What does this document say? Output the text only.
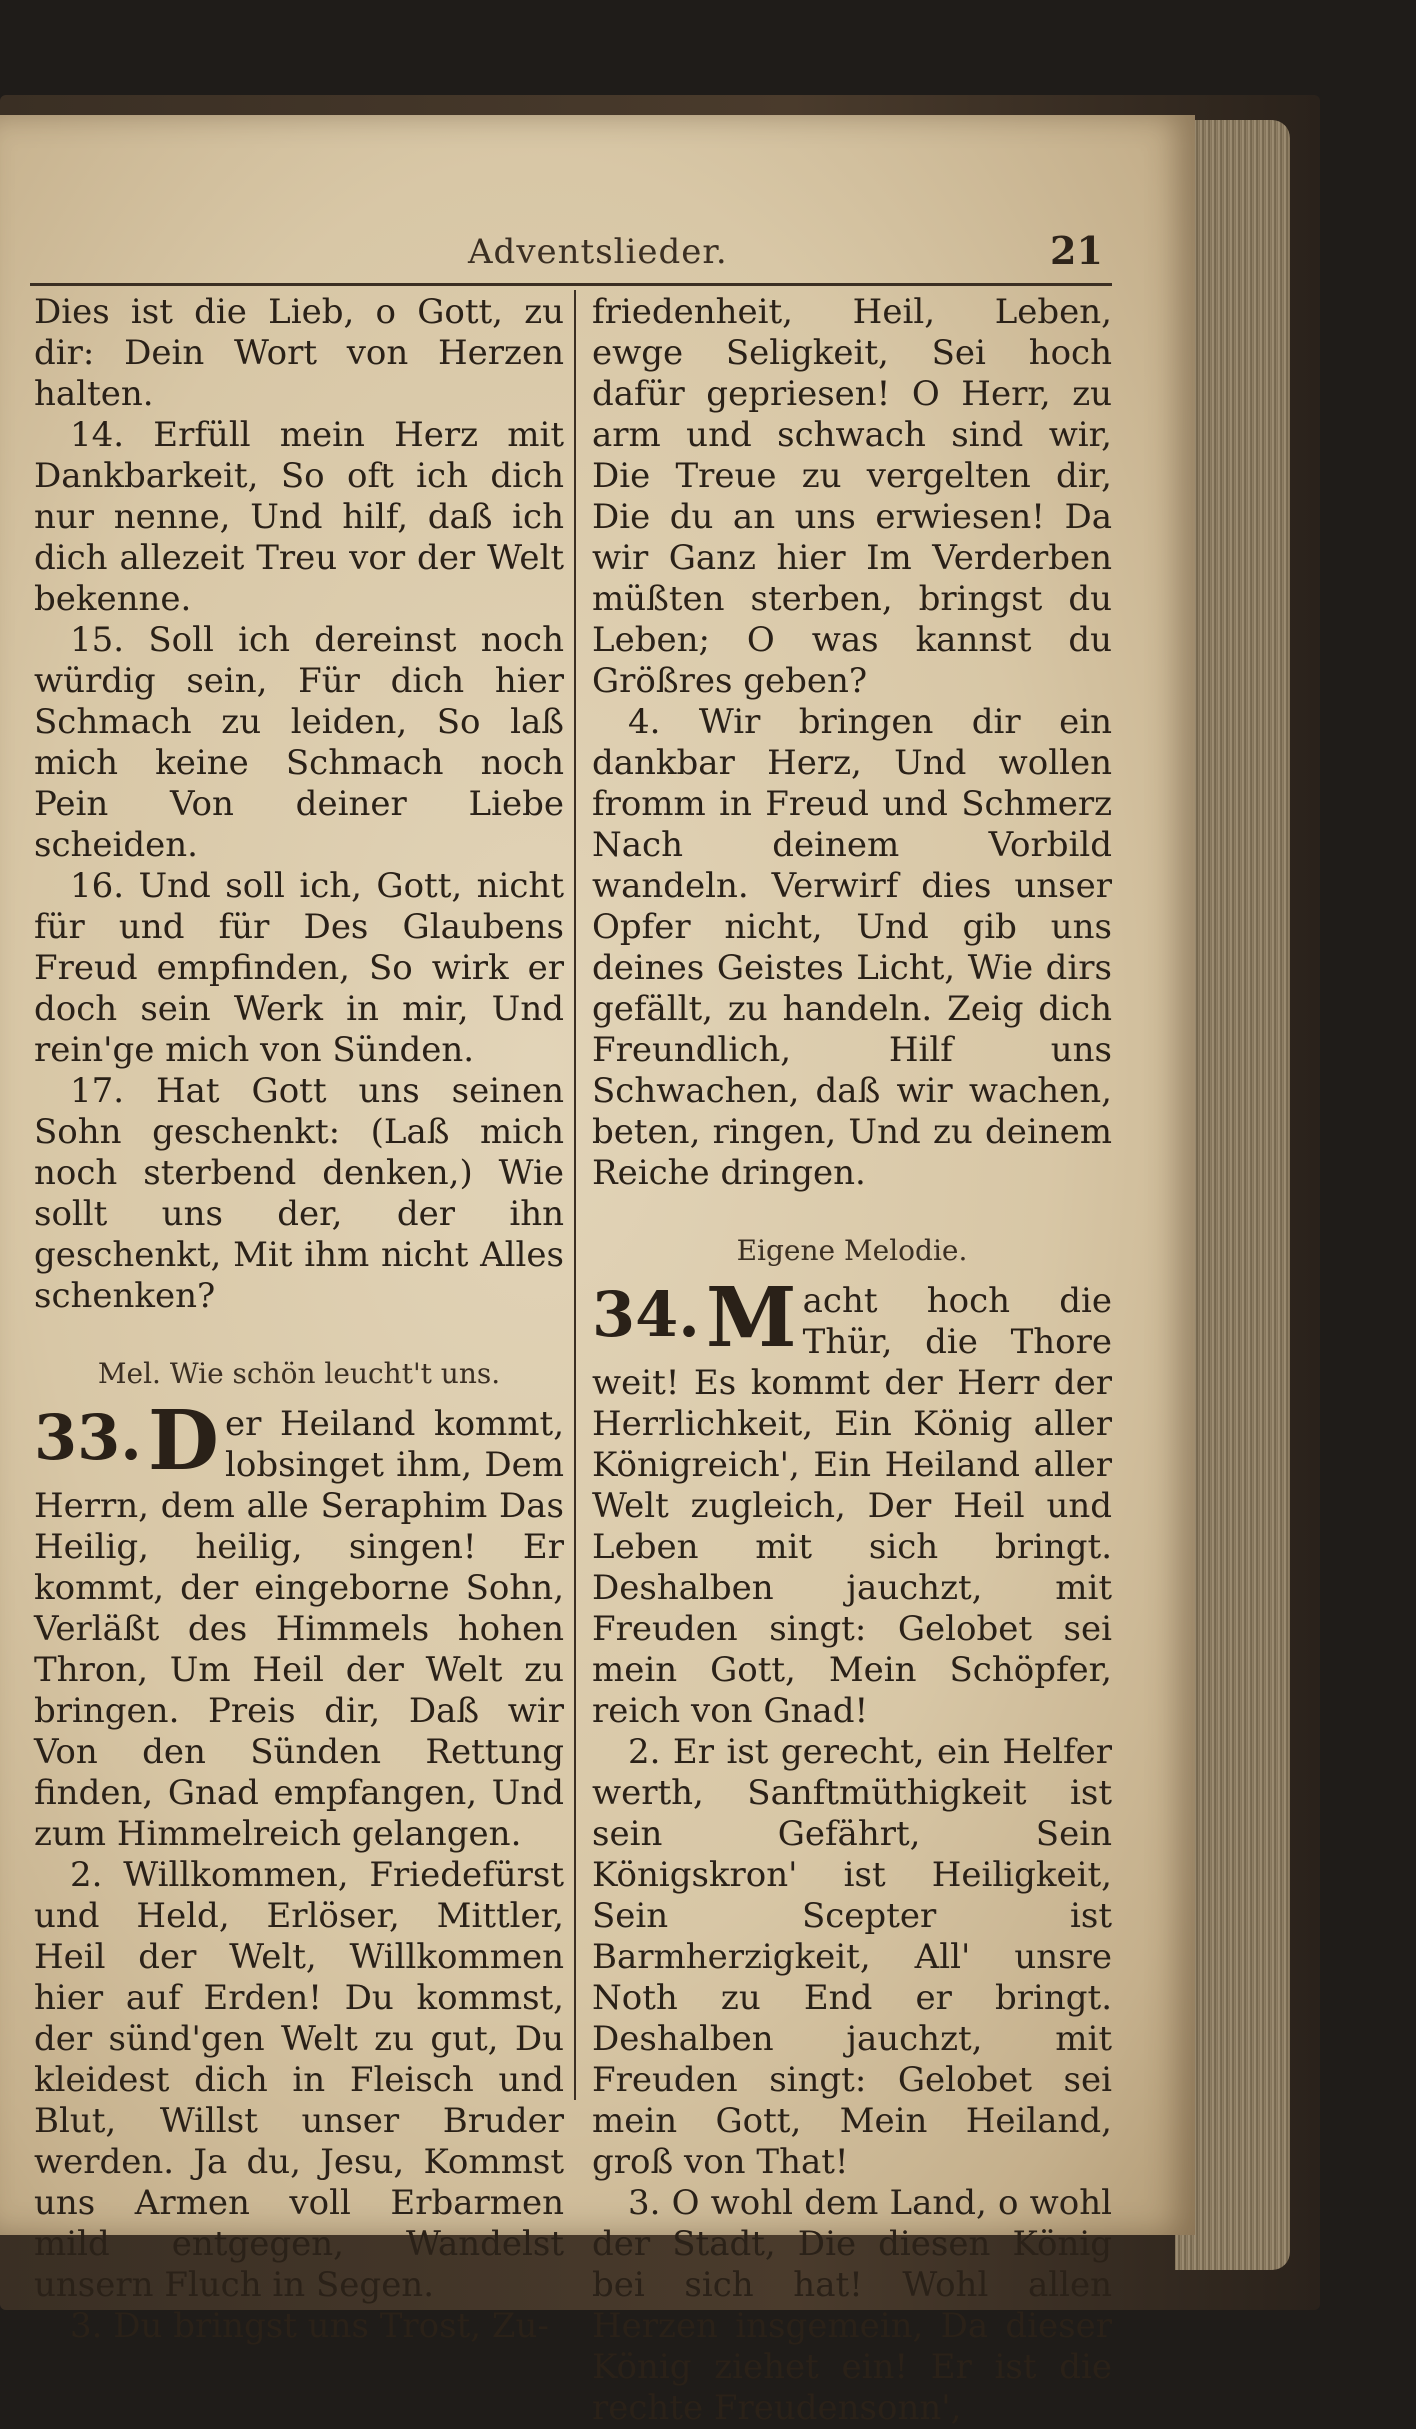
Adventslieder.	21

Dies ist die Lieb, o Gott, zu dir: Dein Wort von Herzen halten.

14. Erfüll mein Herz mit Dankbarkeit, So oft ich dich nur nenne, Und hilf, daß ich dich allezeit Treu vor der Welt bekenne.

15. Soll ich dereinst noch würdig sein, Für dich hier Schmach zu leiden, So laß mich keine Schmach noch Pein Von deiner Liebe scheiden.

16. Und soll ich, Gott, nicht für und für Des Glaubens Freud empfinden, So wirk er doch sein Werk in mir, Und rein'ge mich von Sünden.

17. Hat Gott uns seinen Sohn geschenkt: (Laß mich noch sterbend denken,) Wie sollt uns der, der ihn geschenkt, Mit ihm nicht Alles schenken?

Mel. Wie schön leucht't uns.
33. D er Heiland kommt, lobsinget ihm, Dem Herrn, dem alle Seraphim Das Heilig, heilig, singen! Er kommt, der eingeborne Sohn, Verläßt des Himmels hohen Thron, Um Heil der Welt zu bringen. Preis dir, Daß wir Von den Sünden Rettung finden, Gnad empfangen, Und zum Himmelreich gelangen.

2. Willkommen, Friedefürst und Held, Erlöser, Mittler, Heil der Welt, Willkommen hier auf Erden! Du kommst, der sünd'gen Welt zu gut, Du kleidest dich in Fleisch und Blut, Willst unser Bruder werden. Ja du, Jesu, Kommst uns Armen voll Erbarmen mild entgegen, Wandelst unsern Fluch in Segen.

3. Du bringst uns Trost, Zu-

friedenheit, Heil, Leben, ewge Seligkeit, Sei hoch dafür gepriesen! O Herr, zu arm und schwach sind wir, Die Treue zu vergelten dir, Die du an uns erwiesen! Da wir Ganz hier Im Verderben müßten sterben, bringst du Leben; O was kannst du Größres geben?

4. Wir bringen dir ein dankbar Herz, Und wollen fromm in Freud und Schmerz Nach deinem Vorbild wandeln. Verwirf dies unser Opfer nicht, Und gib uns deines Geistes Licht, Wie dirs gefällt, zu handeln. Zeig dich Freundlich, Hilf uns Schwachen, daß wir wachen, beten, ringen, Und zu deinem Reiche dringen.

Eigene Melodie.
34. M acht hoch die Thür, die Thore weit! Es kommt der Herr der Herrlichkeit, Ein König aller Königreich', Ein Heiland aller Welt zugleich, Der Heil und Leben mit sich bringt. Deshalben jauchzt, mit Freuden singt: Gelobet sei mein Gott, Mein Schöpfer, reich von Gnad!

2. Er ist gerecht, ein Helfer werth, Sanftmüthigkeit ist sein Gefährt, Sein Königskron' ist Heiligkeit, Sein Scepter ist Barmherzigkeit, All' unsre Noth zu End er bringt. Deshalben jauchzt, mit Freuden singt: Gelobet sei mein Gott, Mein Heiland, groß von That!

3. O wohl dem Land, o wohl der Stadt, Die diesen König bei sich hat! Wohl allen Herzen insgemein, Da dieser König ziehet ein! Er ist die rechte Freudensonn',
